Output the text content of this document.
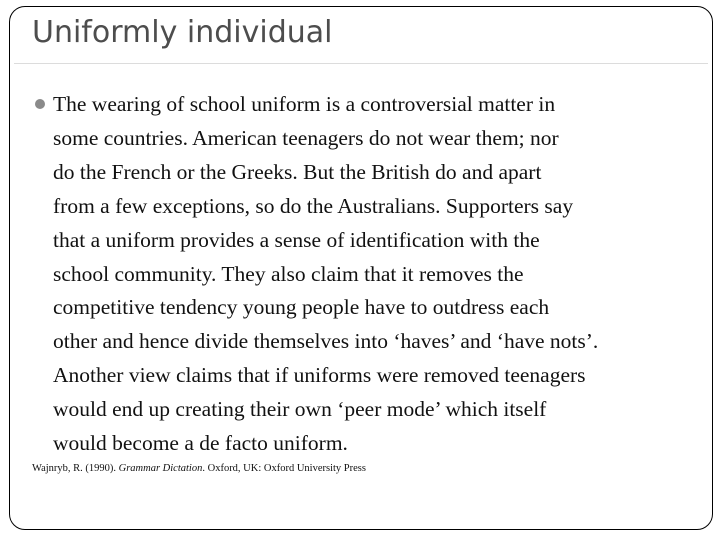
Uniformly individual
The wearing of school uniform is a controversial matter in
some countries. American teenagers do not wear them; nor
do the French or the Greeks. But the British do and apart
from a few exceptions, so do the Australians. Supporters say
that a uniform provides a sense of identification with the
school community. They also claim that it removes the
competitive tendency young people have to outdress each
other and hence divide themselves into ‘haves’ and ‘have nots’.
Another view claims that if uniforms were removed teenagers
would end up creating their own ‘peer mode’ which itself
would become a de facto uniform.
Wajnryb, R. (1990). Grammar Dictation. Oxford, UK: Oxford University Press
